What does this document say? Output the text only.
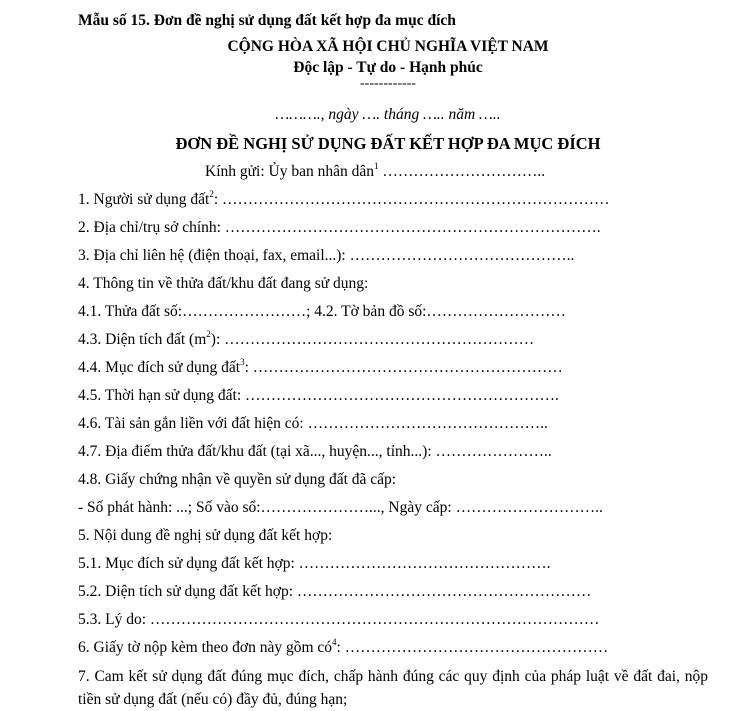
Mẫu số 15. Đơn đề nghị sử dụng đất kết hợp đa mục đích
CỘNG HÒA XÃ HỘI CHỦ NGHĨA VIỆT NAM
Độc lập - Tự do - Hạnh phúc
------------
………., ngày …. tháng ….. năm …..
ĐƠN ĐỀ NGHỊ SỬ DỤNG ĐẤT KẾT HỢP ĐA MỤC ĐÍCH
Kính gửi: Ủy ban nhân dân$^1$ …………………………..
1. Người sử dụng đất$^2$: …………………………………………………………………
2. Địa chỉ/trụ sở chính: ……………………………………………………………….
3. Địa chỉ liên hệ (điện thoại, fax, email...): ……………………………………..
4. Thông tin về thửa đất/khu đất đang sử dụng:
4.1. Thửa đất số:……………………; 4.2. Tờ bản đồ số:………………………
4.3. Diện tích đất $(m^2)$: ……………………………………………………
4.4. Mục đích sử dụng đất$^3$: ……………………………………………………
4.5. Thời hạn sử dụng đất: …………………………………………………….
4.6. Tài sản gắn liền với đất hiện có: ………………………………………..
4.7. Địa điểm thửa đất/khu đất (tại xã..., huyện..., tỉnh...): …………………..
4.8. Giấy chứng nhận về quyền sử dụng đất đã cấp:
- Số phát hành: ...; Số vào sổ:…………………..., Ngày cấp: ………………………..
5. Nội dung đề nghị sử dụng đất kết hợp:
5.1. Mục đích sử dụng đất kết hợp: ………………………………………….
5.2. Diện tích sử dụng đất kết hợp: …………………………………………………
5.3. Lý do: ……………………………………………………………………………
6. Giấy tờ nộp kèm theo đơn này gồm $có^4$: ……………………………………………
7. Cam kết sử dụng đất đúng mục đích, chấp hành đúng các quy định của pháp luật về đất đai, nộp tiền sử dụng đất (nếu có) đầy đủ, đúng hạn;
